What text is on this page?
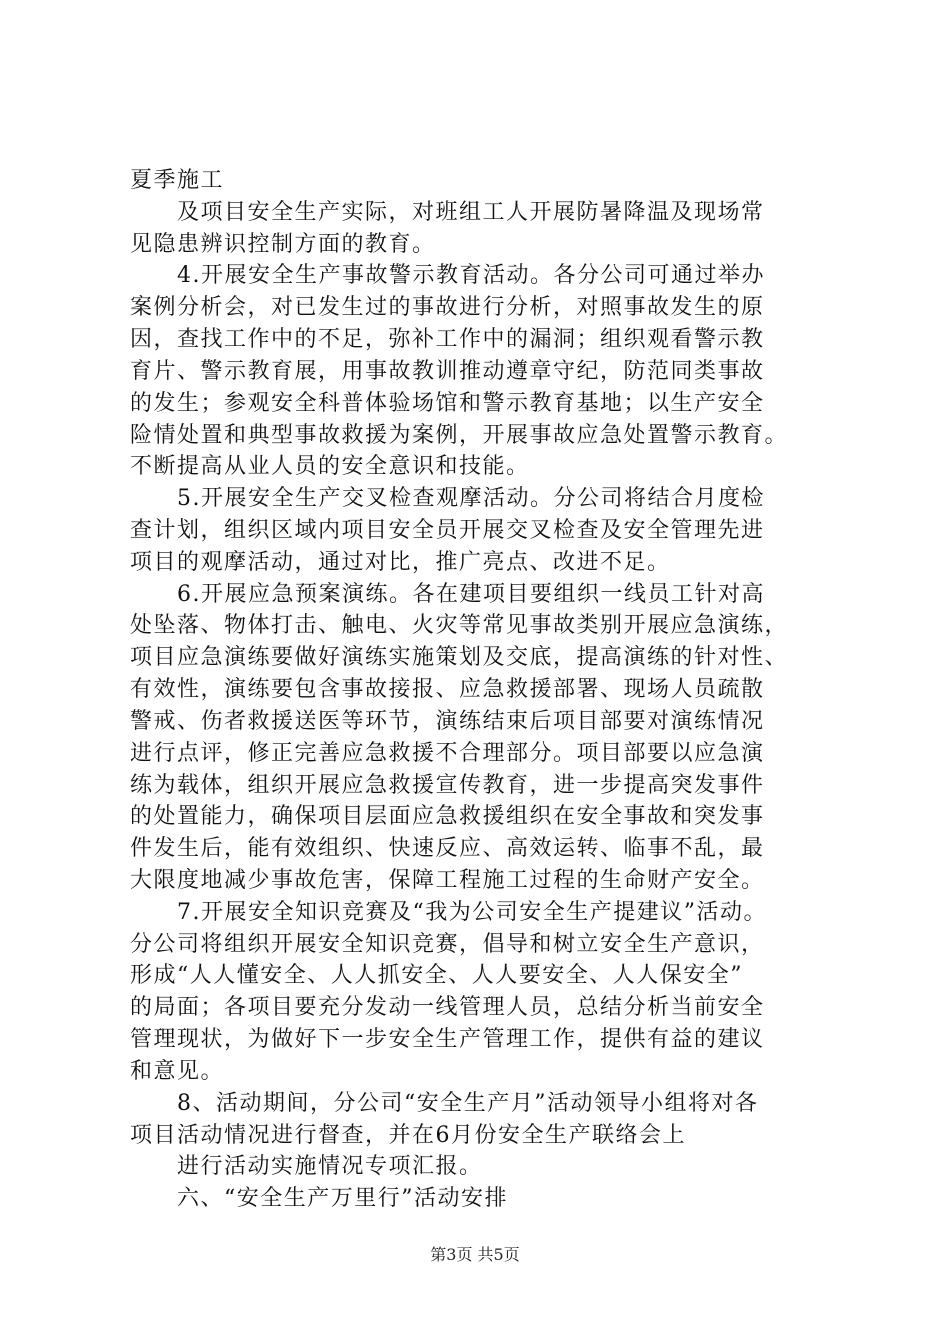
夏季施工
　　及项目安全生产实际，对班组工人开展防暑降温及现场常
见隐患辨识控制方面的教育。
　　4.开展安全生产事故警示教育活动。各分公司可通过举办
案例分析会，对已发生过的事故进行分析，对照事故发生的原
因，查找工作中的不足，弥补工作中的漏洞；组织观看警示教
育片、警示教育展，用事故教训推动遵章守纪，防范同类事故
的发生；参观安全科普体验场馆和警示教育基地；以生产安全
险情处置和典型事故救援为案例，开展事故应急处置警示教育。
不断提高从业人员的安全意识和技能。
　　5.开展安全生产交叉检查观摩活动。分公司将结合月度检
查计划，组织区域内项目安全员开展交叉检查及安全管理先进
项目的观摩活动，通过对比，推广亮点、改进不足。
　　6.开展应急预案演练。各在建项目要组织一线员工针对高
处坠落、物体打击、触电、火灾等常见事故类别开展应急演练，
项目应急演练要做好演练实施策划及交底，提高演练的针对性、
有效性，演练要包含事故接报、应急救援部署、现场人员疏散
警戒、伤者救援送医等环节，演练结束后项目部要对演练情况
进行点评，修正完善应急救援不合理部分。项目部要以应急演
练为载体，组织开展应急救援宣传教育，进一步提高突发事件
的处置能力，确保项目层面应急救援组织在安全事故和突发事
件发生后，能有效组织、快速反应、高效运转、临事不乱，最
大限度地减少事故危害，保障工程施工过程的生命财产安全。
　　7.开展安全知识竞赛及“我为公司安全生产提建议”活动。
分公司将组织开展安全知识竞赛，倡导和树立安全生产意识，
形成“人人懂安全、人人抓安全、人人要安全、人人保安全”
的局面；各项目要充分发动一线管理人员，总结分析当前安全
管理现状，为做好下一步安全生产管理工作，提供有益的建议
和意见。
　　8、活动期间，分公司“安全生产月”活动领导小组将对各
项目活动情况进行督查，并在6月份安全生产联络会上
　　进行活动实施情况专项汇报。
　　六、“安全生产万里行”活动安排
第3页 共5页
